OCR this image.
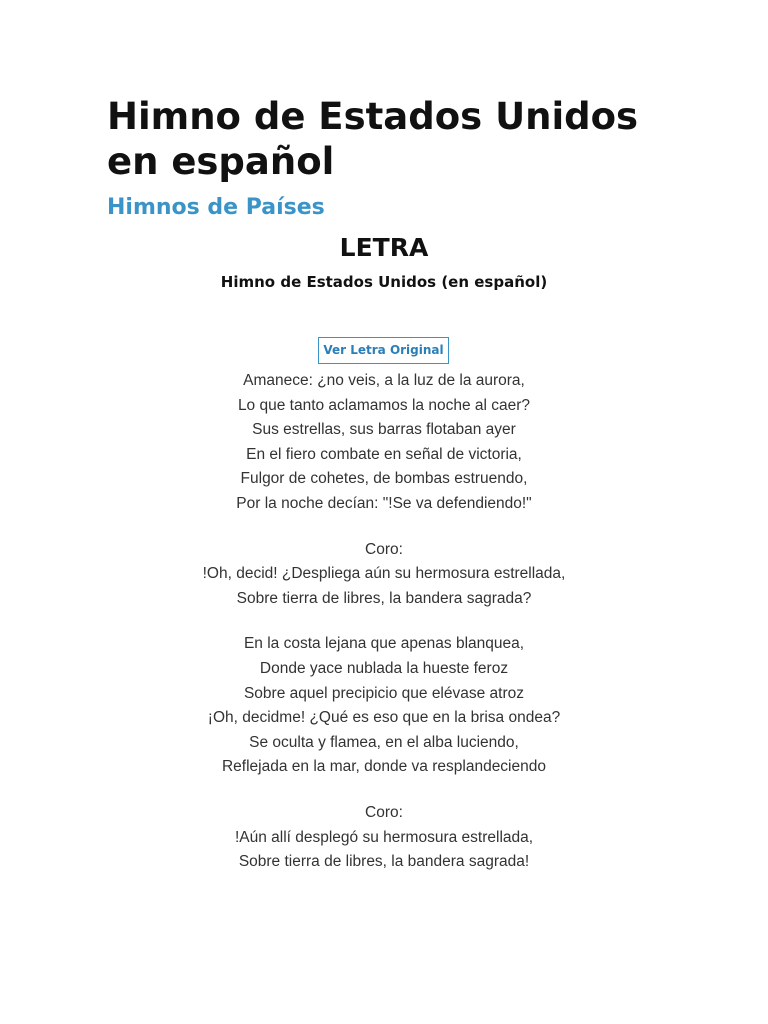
Himno de Estados Unidos
en español
Himnos de Países
LETRA
Himno de Estados Unidos (en español)
Ver Letra Original

Amanece: ¿no veis, a la luz de la aurora,
Lo que tanto aclamamos la noche al caer?
Sus estrellas, sus barras flotaban ayer
En el fiero combate en señal de victoria,
Fulgor de cohetes, de bombas estruendo,
Por la noche decían: "!Se va defendiendo!"

Coro:
!Oh, decid! ¿Despliega aún su hermosura estrellada,
Sobre tierra de libres, la bandera sagrada?

En la costa lejana que apenas blanquea,
Donde yace nublada la hueste feroz
Sobre aquel precipicio que elévase atroz
¡Oh, decidme! ¿Qué es eso que en la brisa ondea?
Se oculta y flamea, en el alba luciendo,
Reflejada en la mar, donde va resplandeciendo

Coro:
!Aún allí desplegó su hermosura estrellada,
Sobre tierra de libres, la bandera sagrada!
